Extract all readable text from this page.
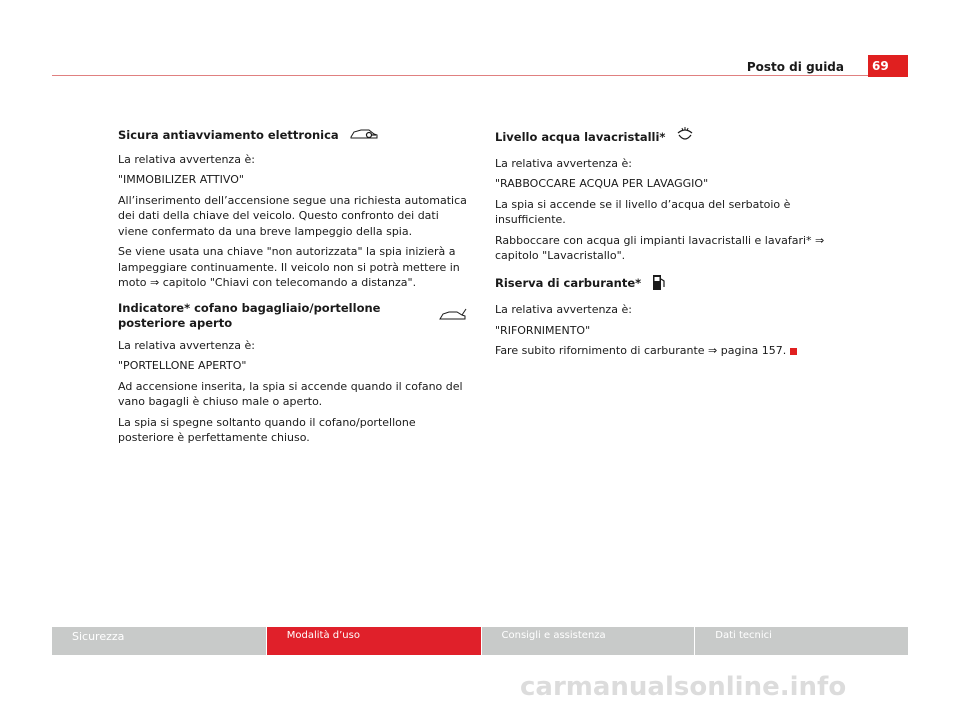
Posto di guida	69
Sicura antiavviamento elettronica

La relativa avvertenza è:

"IMMOBILIZER ATTIVO"

All’inserimento dell’accensione segue una richiesta automatica dei dati della chiave del veicolo. Questo confronto dei dati viene confermato da una breve lampeggio della spia.

Se viene usata una chiave "non autorizzata" la spia inizierà a lampeggiare continuamente. Il veicolo non si potrà mettere in moto ⇒ capitolo "Chiavi con telecomando a distanza".

Indicatore* cofano bagagliaio/portellone posteriore aperto

La relativa avvertenza è:

"PORTELLONE APERTO"

Ad accensione inserita, la spia si accende quando il cofano del vano bagagli è chiuso male o aperto.

La spia si spegne soltanto quando il cofano/portellone posteriore è perfettamente chiuso.

Livello acqua lavacristalli*

La relativa avvertenza è:

"RABBOCCARE ACQUA PER LAVAGGIO"

La spia si accende se il livello d’acqua del serbatoio è insufficiente.

Rabboccare con acqua gli impianti lavacristalli e lavafari* ⇒ capitolo "Lavacristallo".

Riserva di carburante*

La relativa avvertenza è:

"RIFORNIMENTO"

Fare subito rifornimento di carburante ⇒ pagina 157.

Sicurezza	Modalità d’uso	Consigli e assistenza	Dati tecnici
carmanualsonline.info
